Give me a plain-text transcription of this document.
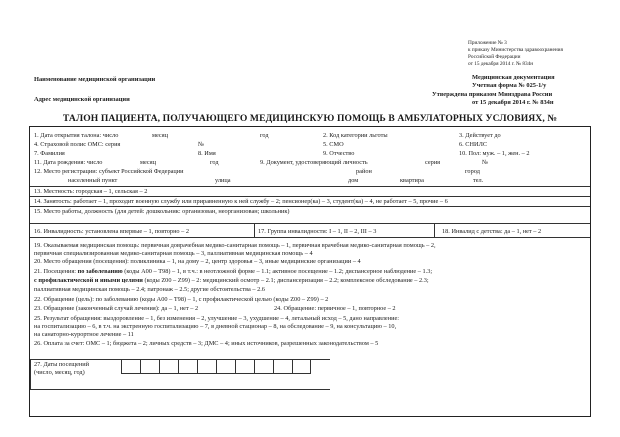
Приложение № 3
к приказу Министерства здравоохранения
Российской Федерации
от 15 декабря 2014 г. № 834н
Наименование медицинской организации
Адрес медицинской организации
Медицинская документация
Учетная форма № 025-1/у
Утверждена приказом Минздрава России
от 15 декабря 2014 г. № 834н
ТАЛОН ПАЦИЕНТА, ПОЛУЧАЮЩЕГО МЕДИЦИНСКУЮ ПОМОЩЬ В АМБУЛАТОРНЫХ УСЛОВИЯХ, №
1. Дата открытия талона: число	месяц	год	2. Код категории льготы	3. Действует до
4. Страховой полис ОМС: серия	№	5. СМО	6. СНИЛС
7. Фамилия	8. Имя	9. Отчество	10. Пол: муж. – 1, жен. – 2
11. Дата рождения: число	месяц	год	9. Документ, удостоверяющий личность	серия	№
12. Место регистрации: субъект Российской Федерации	район	город
населенный пункт	улица	дом	квартира	тел.
13. Местность: городская – 1, сельская – 2
14. Занятость: работает – 1, проходит военную службу или приравненную к ней службу – 2; пенсионер(ка) – 3, студент(ка) – 4, не работает – 5, прочие – 6
15. Место работы, должность (для детей: дошкольник: организован, неорганизован; школьник)
16. Инвалидность: установлена впервые – 1, повторно – 2	17. Группа инвалидности: I – 1, II – 2, III – 3	18. Инвалид с детства: да – 1, нет – 2
19. Оказываемая медицинская помощь: первичная доврачебная медико-санитарная помощь – 1, первичная врачебная медико-санитарная помощь – 2,
первичная специализированная медико-санитарная помощь – 3, паллиативная медицинская помощь – 4
20. Место обращения (посещения): поликлиника – 1, на дому – 2, центр здоровья – 3, иные медицинские организации – 4
21. Посещения: по заболеванию (коды А00 – Т98) – 1, в т.ч.: в неотложной форме – 1.1; активное посещение – 1.2; диспансерное наблюдение – 1.3;
с профилактической и иными целями (коды Z00 – Z99) – 2: медицинский осмотр – 2.1; диспансеризация – 2.2; комплексное обследование – 2.3;
паллиативная медицинская помощь – 2.4; патронаж – 2.5; другие обстоятельства – 2.6
22. Обращение (цель): по заболеванию (коды А00 – Т98) – 1, с профилактической целью (коды Z00 – Z99) – 2
23. Обращение (законченный случай лечения): да – 1, нет – 2	24. Обращение: первичное – 1, повторное – 2
25. Результат обращения: выздоровление – 1, без изменения – 2, улучшение – 3, ухудшение – 4, летальный исход – 5, дано направление:
на госпитализацию – 6, в т.ч. на экстренную госпитализацию – 7, в дневной стационар – 8, на обследование – 9, на консультацию – 10,
на санаторно-курортное лечение – 11
26. Оплата за счет: ОМС – 1; бюджета – 2; личных средств – 3; ДМС – 4; иных источников, разрешенных законодательством – 5
27. Даты посещений
(число, месяц, год)
